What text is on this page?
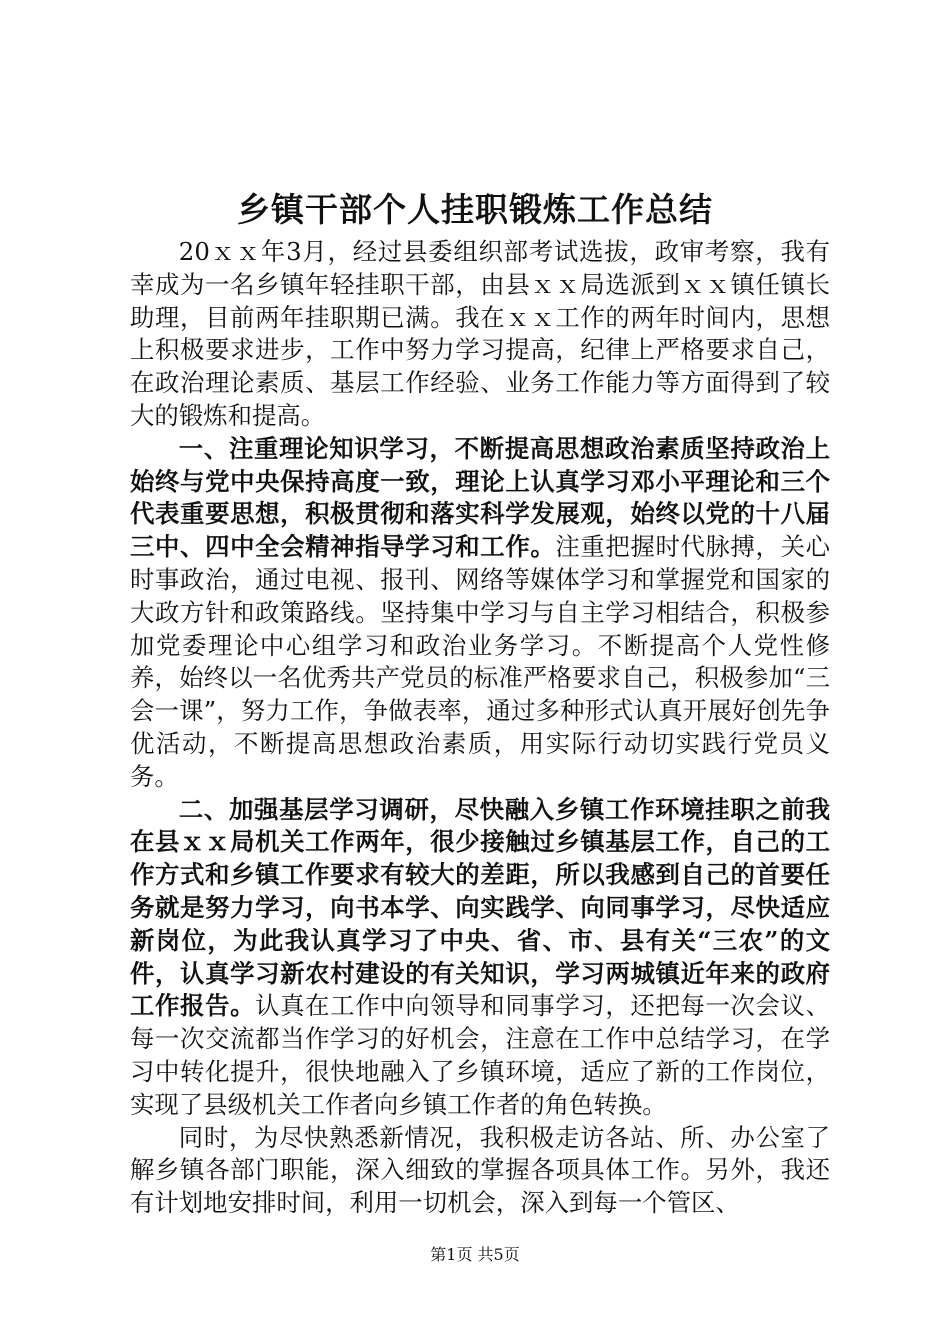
乡镇干部个人挂职锻炼工作总结

20ｘｘ年3月，经过县委组织部考试选拔，政审考察，我有幸成为一名乡镇年轻挂职干部，由县ｘｘ局选派到ｘｘ镇任镇长助理，目前两年挂职期已满。我在ｘｘ工作的两年时间内，思想上积极要求进步，工作中努力学习提高，纪律上严格要求自己，在政治理论素质、基层工作经验、业务工作能力等方面得到了较大的锻炼和提高。

一、注重理论知识学习，不断提高思想政治素质坚持政治上始终与党中央保持高度一致，理论上认真学习邓小平理论和三个代表重要思想，积极贯彻和落实科学发展观，始终以党的十八届三中、四中全会精神指导学习和工作。注重把握时代脉搏，关心时事政治，通过电视、报刊、网络等媒体学习和掌握党和国家的大政方针和政策路线。坚持集中学习与自主学习相结合，积极参加党委理论中心组学习和政治业务学习。不断提高个人党性修养，始终以一名优秀共产党员的标准严格要求自己，积极参加“三会一课”，努力工作，争做表率，通过多种形式认真开展好创先争优活动，不断提高思想政治素质，用实际行动切实践行党员义务。

二、加强基层学习调研，尽快融入乡镇工作环境挂职之前我在县ｘｘ局机关工作两年，很少接触过乡镇基层工作，自己的工作方式和乡镇工作要求有较大的差距，所以我感到自己的首要任务就是努力学习，向书本学、向实践学、向同事学习，尽快适应新岗位，为此我认真学习了中央、省、市、县有关“三农”的文件，认真学习新农村建设的有关知识，学习两城镇近年来的政府工作报告。认真在工作中向领导和同事学习，还把每一次会议、每一次交流都当作学习的好机会，注意在工作中总结学习，在学习中转化提升，很快地融入了乡镇环境，适应了新的工作岗位，实现了县级机关工作者向乡镇工作者的角色转换。

同时，为尽快熟悉新情况，我积极走访各站、所、办公室了解乡镇各部门职能，深入细致的掌握各项具体工作。另外，我还有计划地安排时间，利用一切机会，深入到每一个管区、

第1页 共5页
